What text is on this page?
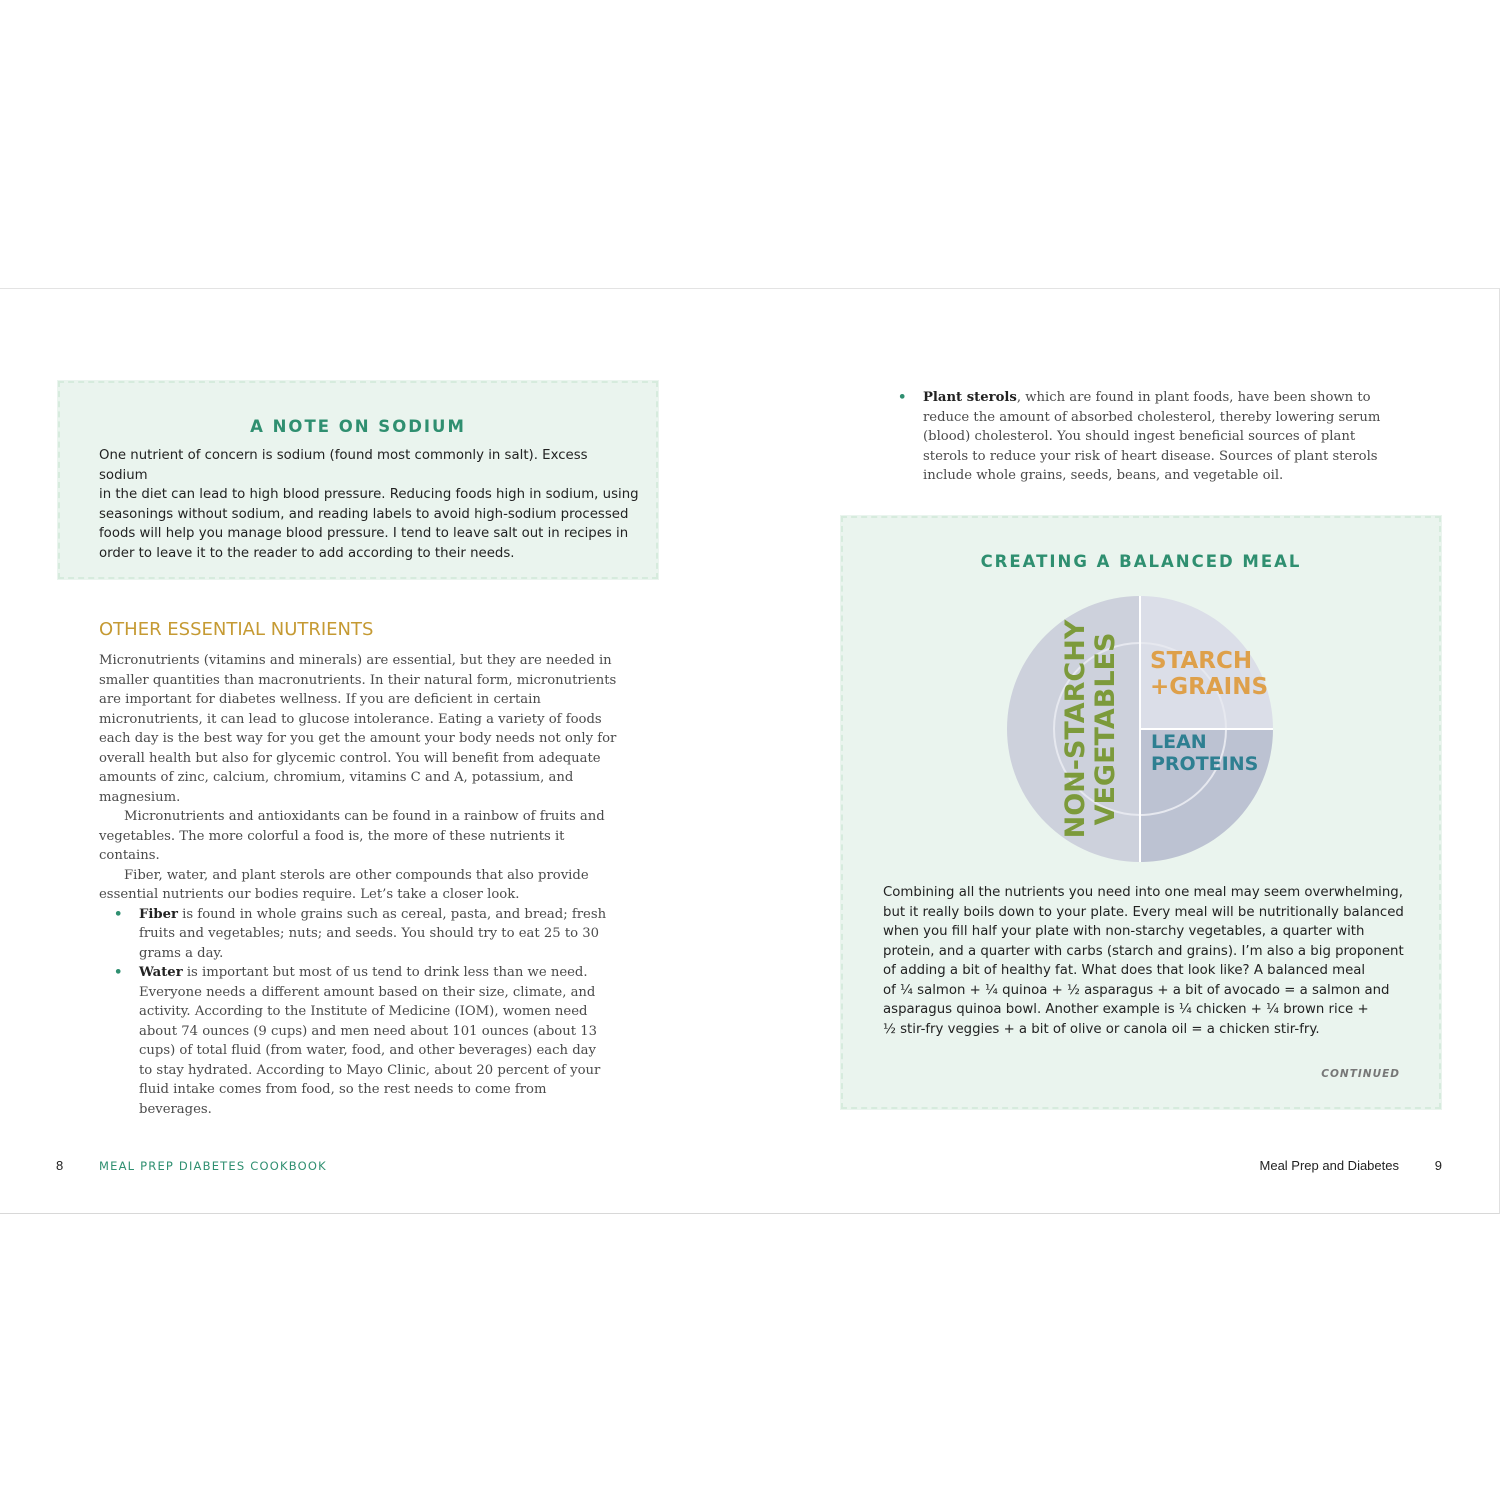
A NOTE ON SODIUM
One nutrient of concern is sodium (found most commonly in salt). Excess sodium
in the diet can lead to high blood pressure. Reducing foods high in sodium, using
seasonings without sodium, and reading labels to avoid high-sodium processed
foods will help you manage blood pressure. I tend to leave salt out in recipes in
order to leave it to the reader to add according to their needs.
OTHER ESSENTIAL NUTRIENTS

Micronutrients (vitamins and minerals) are essential, but they are needed in smaller quantities than macronutrients. In their natural form, micronutrients are important for diabetes wellness. If you are deficient in certain micronutrients, it can lead to glucose intolerance. Eating a variety of foods each day is the best way for you get the amount your body needs not only for overall health but also for glycemic control. You will benefit from adequate amounts of zinc, calcium, chromium, vitamins C and A, potassium, and magnesium.

Micronutrients and antioxidants can be found in a rainbow of fruits and vegetables. The more colorful a food is, the more of these nutrients it contains.

Fiber, water, and plant sterols are other compounds that also provide essential nutrients our bodies require. Let’s take a closer look.

• Fiber is found in whole grains such as cereal, pasta, and bread; fresh fruits and vegetables; nuts; and seeds. You should try to eat 25 to 30 grams a day.
• Water is important but most of us tend to drink less than we need. Everyone needs a different amount based on their size, climate, and activity. According to the Institute of Medicine (IOM), women need about 74 ounces (9 cups) and men need about 101 ounces (about 13 cups) of total fluid (from water, food, and other beverages) each day to stay hydrated. According to Mayo Clinic, about 20 percent of your fluid intake comes from food, so the rest needs to come from beverages.
8	MEAL PREP DIABETES COOKBOOK
• Plant sterols, which are found in plant foods, have been shown to reduce the amount of absorbed cholesterol, thereby lowering serum (blood) cholesterol. You should ingest beneficial sources of plant sterols to reduce your risk of heart disease. Sources of plant sterols include whole grains, seeds, beans, and vegetable oil.
CREATING A BALANCED MEAL
NON-STARCHY VEGETABLES STARCH
+GRAINS
LEAN
PROTEINS
Combining all the nutrients you need into one meal may seem overwhelming,
but it really boils down to your plate. Every meal will be nutritionally balanced
when you fill half your plate with non-starchy vegetables, a quarter with
protein, and a quarter with carbs (starch and grains). I’m also a big proponent
of adding a bit of healthy fat. What does that look like? A balanced meal
of ¼ salmon + ¼ quinoa + ½ asparagus + a bit of avocado = a salmon and
asparagus quinoa bowl. Another example is ¼ chicken + ¼ brown rice +
½ stir-fry veggies + a bit of olive or canola oil = a chicken stir-fry.
CONTINUED
Meal Prep and Diabetes	9
